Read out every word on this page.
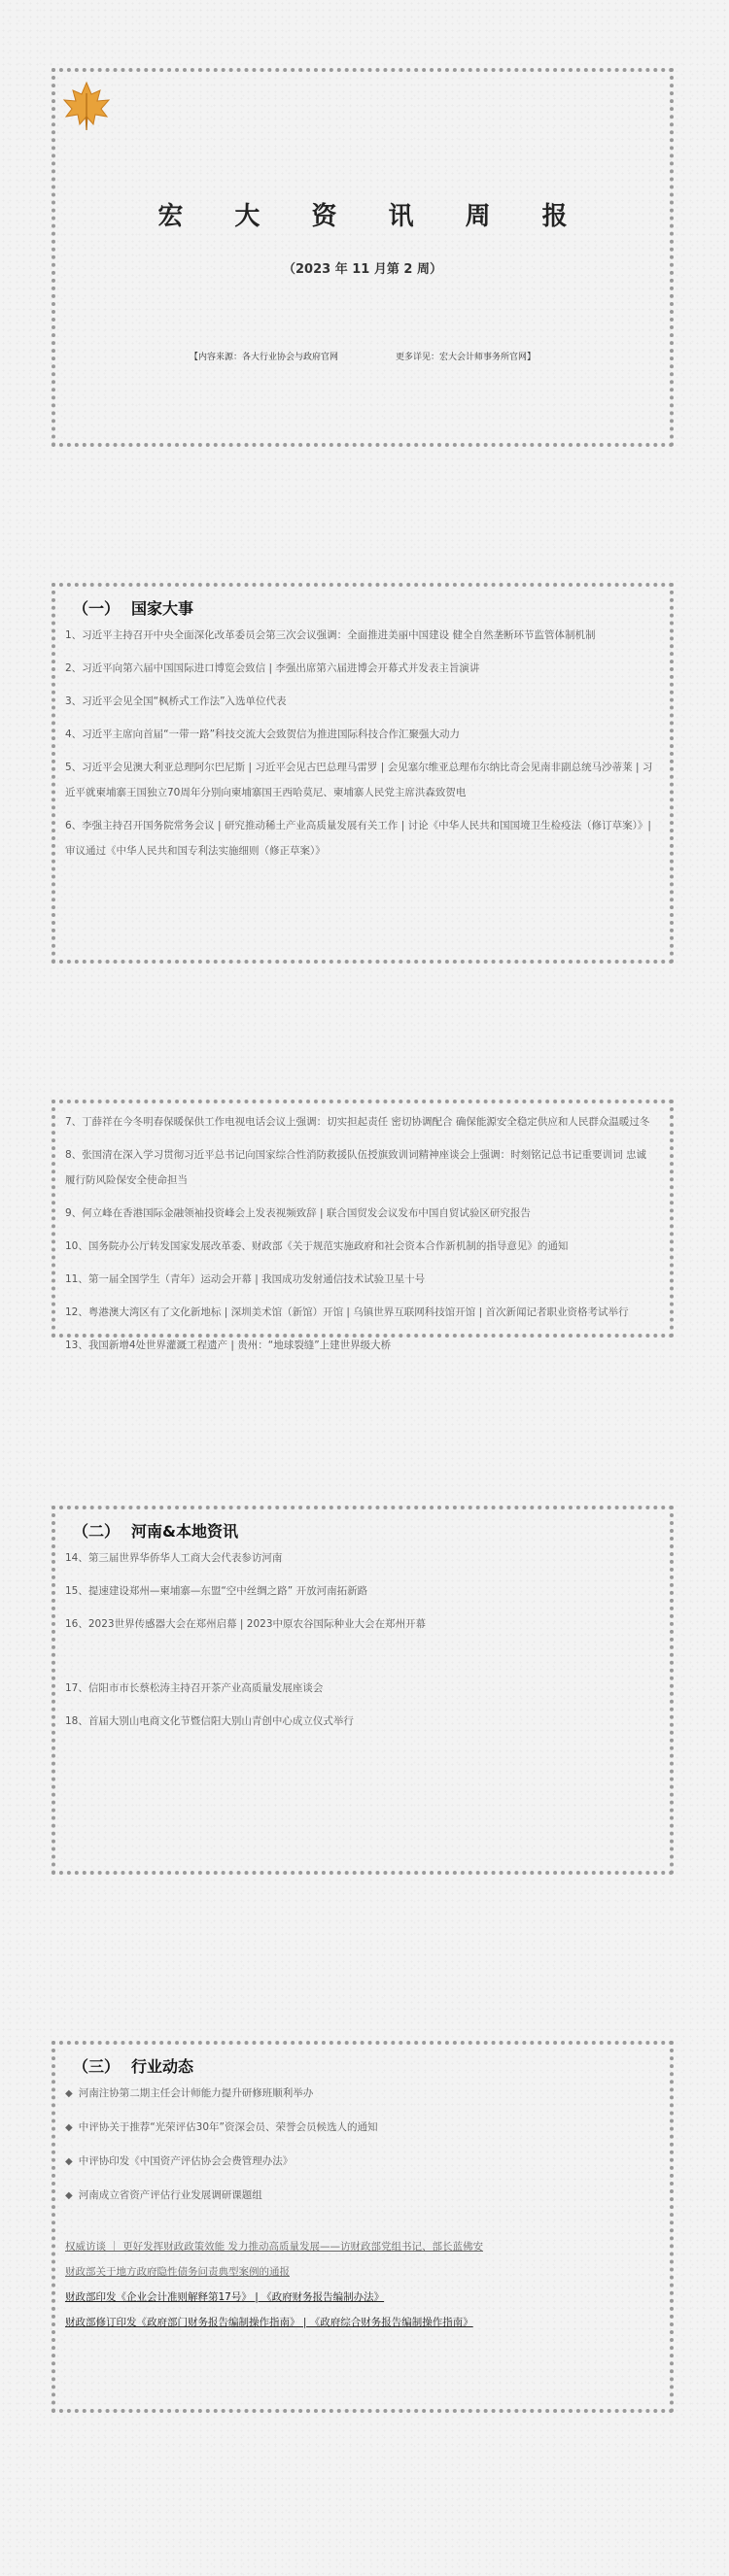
宏 大 资 讯 周 报
（2023 年 11 月第 2 周）
【内容来源：各大行业协会与政府官网	更多详见：宏大会计师事务所官网】
（一） 国家大事
1、习近平主持召开中央全面深化改革委员会第三次会议强调：全面推进美丽中国建设 健全自然垄断环节监管体制机制
2、习近平向第六届中国国际进口博览会致信 | 李强出席第六届进博会开幕式并发表主旨演讲
3、习近平会见全国“枫桥式工作法”入选单位代表
4、习近平主席向首届“一带一路”科技交流大会致贺信为推进国际科技合作汇聚强大动力
5、习近平会见澳大利亚总理阿尔巴尼斯 | 习近平会见古巴总理马雷罗 | 会见塞尔维亚总理布尔纳比奇会见南非副总统马沙蒂莱 | 习近平就柬埔寨王国独立70周年分别向柬埔寨国王西哈莫尼、柬埔寨人民党主席洪森致贺电
6、李强主持召开国务院常务会议 | 研究推动稀土产业高质量发展有关工作 | 讨论《中华人民共和国国境卫生检疫法（修订草案）》| 审议通过《中华人民共和国专利法实施细则（修正草案）》
7、丁薛祥在今冬明春保暖保供工作电视电话会议上强调：切实担起责任 密切协调配合 确保能源安全稳定供应和人民群众温暖过冬
8、张国清在深入学习贯彻习近平总书记向国家综合性消防救援队伍授旗致训词精神座谈会上强调：时刻铭记总书记重要训词 忠诚履行防风险保安全使命担当
9、何立峰在香港国际金融领袖投资峰会上发表视频致辞 | 联合国贸发会议发布中国自贸试验区研究报告
10、国务院办公厅转发国家发展改革委、财政部《关于规范实施政府和社会资本合作新机制的指导意见》的通知
11、第一届全国学生（青年）运动会开幕 | 我国成功发射通信技术试验卫星十号
12、粤港澳大湾区有了文化新地标 | 深圳美术馆（新馆）开馆 | 乌镇世界互联网科技馆开馆 | 首次新闻记者职业资格考试举行
13、我国新增4处世界灌溉工程遗产 | 贵州：“地球裂缝”上建世界级大桥
（二） 河南&本地资讯
14、第三届世界华侨华人工商大会代表参访河南
15、提速建设郑州—柬埔寨—东盟“空中丝绸之路” 开放河南拓新路
16、2023世界传感器大会在郑州启幕 | 2023中原农谷国际种业大会在郑州开幕
17、信阳市市长蔡松涛主持召开茶产业高质量发展座谈会
18、首届大别山电商文化节暨信阳大别山青创中心成立仪式举行
（三） 行业动态
◆ 河南注协第二期主任会计师能力提升研修班顺利举办
◆ 中评协关于推荐“光荣评估30年”资深会员、荣誉会员候选人的通知
◆ 中评协印发《中国资产评估协会会费管理办法》
◆ 河南成立省资产评估行业发展调研课题组
权威访谈 ｜ 更好发挥财政政策效能 发力推动高质量发展——访财政部党组书记、部长蓝佛安
财政部关于地方政府隐性债务问责典型案例的通报
财政部印发《企业会计准则解释第17号》 | 《政府财务报告编制办法》
财政部修订印发《政府部门财务报告编制操作指南》 | 《政府综合财务报告编制操作指南》
